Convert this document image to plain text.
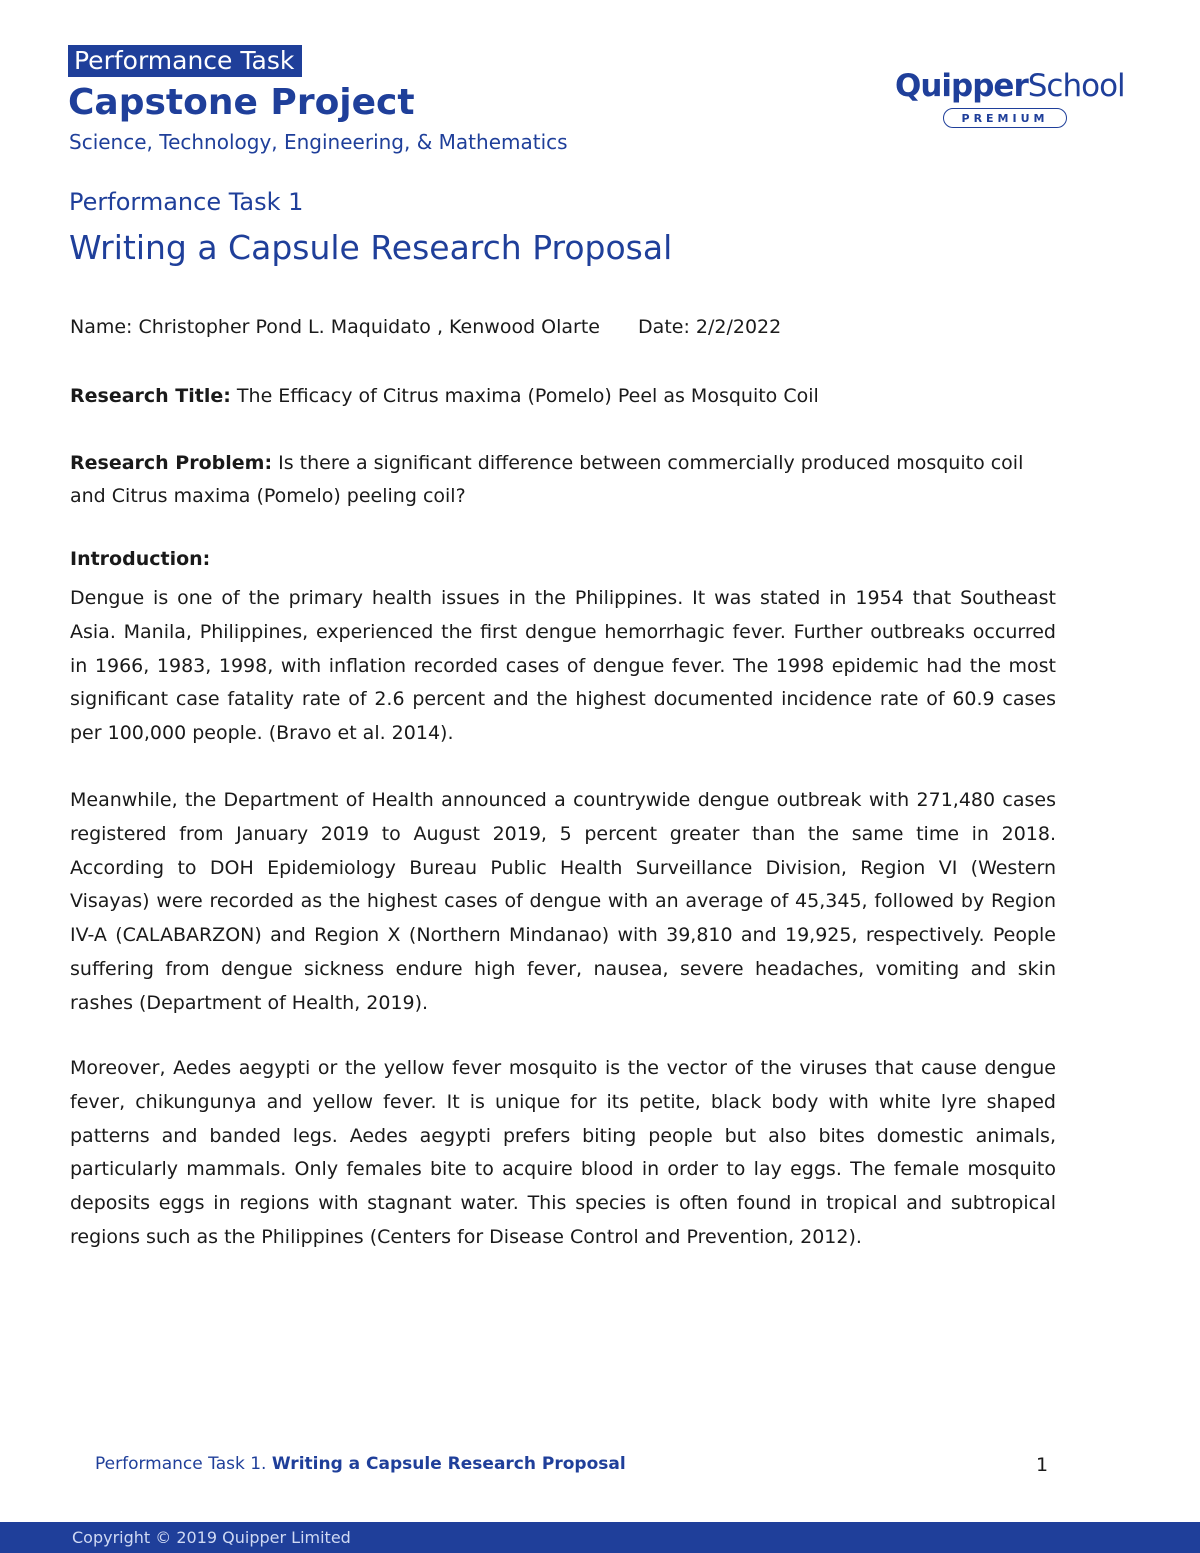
Performance Task
Capstone Project
Science, Technology, Engineering, & Mathematics
QuipperSchool
PREMIUM
Performance Task 1
Writing a Capsule Research Proposal
Name: Christopher Pond L. Maquidato , Kenwood Olarte Date: 2/2/2022
Research Title: The Efficacy of Citrus maxima (Pomelo) Peel as Mosquito Coil
Research Problem: Is there a significant difference between commercially produced mosquito coil and Citrus maxima (Pomelo) peeling coil?
Introduction:

Dengue is one of the primary health issues in the Philippines. It was stated in 1954 that Southeast Asia. Manila, Philippines, experienced the first dengue hemorrhagic fever. Further outbreaks occurred in 1966, 1983, 1998, with inflation recorded cases of dengue fever. The 1998 epidemic had the most significant case fatality rate of 2.6 percent and the highest documented incidence rate of 60.9 cases per 100,000 people. (Bravo et al. 2014).

Meanwhile, the Department of Health announced a countrywide dengue outbreak with 271,480 cases registered from January 2019 to August 2019, 5 percent greater than the same time in 2018. According to DOH Epidemiology Bureau Public Health Surveillance Division, Region VI (Western Visayas) were recorded as the highest cases of dengue with an average of 45,345, followed by Region IV-A (CALABARZON) and Region X (Northern Mindanao) with 39,810 and 19,925, respectively. People suffering from dengue sickness endure high fever, nausea, severe headaches, vomiting and skin rashes (Department of Health, 2019).

Moreover, Aedes aegypti or the yellow fever mosquito is the vector of the viruses that cause dengue fever, chikungunya and yellow fever. It is unique for its petite, black body with white lyre shaped patterns and banded legs. Aedes aegypti prefers biting people but also bites domestic animals, particularly mammals. Only females bite to acquire blood in order to lay eggs. The female mosquito deposits eggs in regions with stagnant water. This species is often found in tropical and subtropical regions such as the Philippines (Centers for Disease Control and Prevention, 2012).

Performance Task 1. Writing a Capsule Research Proposal	1
Copyright © 2019 Quipper Limited
